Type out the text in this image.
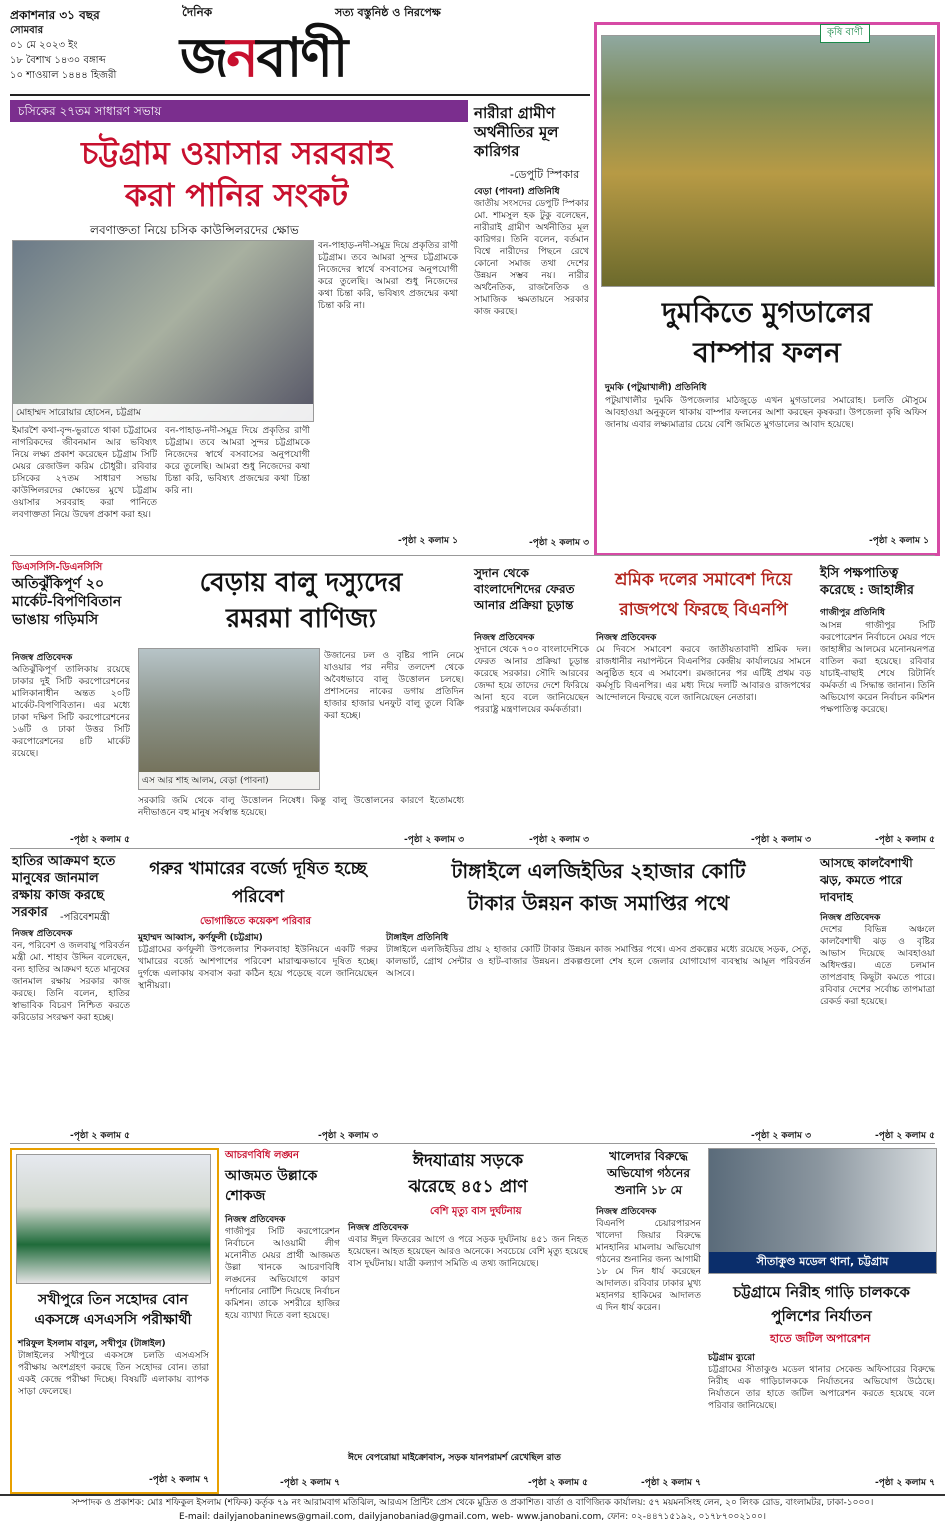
প্রকাশনার ৩১ বছর
সোমবার
০১ মে ২০২৩ ইং
১৮ বৈশাখ ১৪৩০ বঙ্গাব্দ
১০ শাওয়াল ১৪৪৪ হিজরী
দৈনিক	সত্য বস্তুনিষ্ঠ ও নিরপেক্ষ
জনবাণী
দুমকিতে মুগডালের
বাম্পার ফলন
দুমকি (পটুয়াখালী) প্রতিনিধি
পটুয়াখালীর দুমকি উপজেলার মাঠজুড়ে এখন মুগডালের সমারোহ। চলতি মৌসুমে আবহাওয়া অনুকূলে থাকায় বাম্পার ফলনের আশা করছেন কৃষকরা। উপজেলা কৃষি অফিস জানায় এবার লক্ষ্যমাত্রার চেয়ে বেশি জমিতে মুগডালের আবাদ হয়েছে।
-পৃষ্ঠা ২ কলাম ১
কৃষি বাণী
চসিকের ২৭তম সাধারণ সভায়
চট্টগ্রাম ওয়াসার সরবরাহ
করা পানির সংকট
লবণাক্ততা নিয়ে চসিক কাউন্সিলরদের ক্ষোভ
মোহাম্মদ সারোয়ার হোসেন, চট্টগ্রাম
ইমারশৈ কথা-বৃন্দ-ভুরাতে থাকা চট্টগ্রামের নাগরিকদের জীবনমান আর ভবিষ্যৎ নিয়ে লক্ষ্য প্রকাশ করেছেন চট্টগ্রাম সিটি মেয়র রেজাউল করিম চৌধুরী। রবিবার চসিকের ২৭তম সাধারণ সভায় কাউন্সিলরদের ক্ষোভের মুখে চট্টগ্রাম ওয়াসার সরবরাহ করা পানিতে লবণাক্ততা নিয়ে উদ্বেগ প্রকাশ করা হয়।
বন-পাহাড়-নদী-সমুদ্র দিয়ে প্রকৃতির রাণী চট্টগ্রাম। তবে আমরা সুন্দর চট্টগ্রামকে নিজেদের স্বার্থে বসবাসের অনুপযোগী করে তুলেছি। আমরা শুধু নিজেদের কথা চিন্তা করি, ভবিষ্যৎ প্রজন্মের কথা চিন্তা করি না।
বন-পাহাড়-নদী-সমুদ্র দিয়ে প্রকৃতির রাণী চট্টগ্রাম। তবে আমরা সুন্দর চট্টগ্রামকে নিজেদের স্বার্থে বসবাসের অনুপযোগী করে তুলেছি। আমরা শুধু নিজেদের কথা চিন্তা করি, ভবিষ্যৎ প্রজন্মের কথা চিন্তা করি না।
-পৃষ্ঠা ২ কলাম ১
নারীরা গ্রামীণ অর্থনীতির মূল কারিগর
-ডেপুটি স্পিকার
বেড়া (পাবনা) প্রতিনিধি
জাতীয় সংসদের ডেপুটি স্পিকার মো. শামসুল হক টুকু বলেছেন, নারীরাই গ্রামীণ অর্থনীতির মূল কারিগর। তিনি বলেন, বর্তমান বিশ্বে নারীদের পিছনে রেখে কোনো সমাজ তথা দেশের উন্নয়ন সম্ভব নয়। নারীর অর্থনৈতিক, রাজনৈতিক ও সামাজিক ক্ষমতায়নে সরকার কাজ করছে।
-পৃষ্ঠা ২ কলাম ৩
ডিএসসিসি-ডিএনসিসি
অতিঝুঁকিপূর্ণ ২০ মার্কেট-বিপণিবিতান ভাঙায় গড়িমসি
নিজস্ব প্রতিবেদক
অতিঝুঁকিপূর্ণ তালিকায় রয়েছে ঢাকার দুই সিটি করপোরেশনের মালিকানাধীন অন্তত ২০টি মার্কেট-বিপণিবিতান। এর মধ্যে ঢাকা দক্ষিণ সিটি করপোরেশনের ১৬টি ও ঢাকা উত্তর সিটি করপোরেশনের ৪টি মার্কেট রয়েছে।
-পৃষ্ঠা ২ কলাম ৫
বেড়ায় বালু দস্যুদের
রমরমা বাণিজ্য
এস আর শাহ আলম, বেড়া (পাবনা)
উজানের ঢল ও বৃষ্টির পানি নেমে যাওয়ার পর নদীর তলদেশ থেকে অবৈধভাবে বালু উত্তোলন চলছে। প্রশাসনের নাকের ডগায় প্রতিদিন হাজার হাজার ঘনফুট বালু তুলে বিক্রি করা হচ্ছে।
সরকারি জমি থেকে বালু উত্তোলন নিষেধ। কিন্তু বালু উত্তোলনের কারণে ইতোমধ্যে নদীভাঙনে বহু মানুষ সর্বস্বান্ত হয়েছে।
-পৃষ্ঠা ২ কলাম ৩
সুদান থেকে বাংলাদেশিদের ফেরত আনার প্রক্রিয়া চূড়ান্ত
নিজস্ব প্রতিবেদক
সুদানে থেকে ৭০০ বাংলাদেশিকে ফেরত আনার প্রক্রিয়া চূড়ান্ত করেছে সরকার। সৌদি আরবের জেদ্দা হয়ে তাদের দেশে ফিরিয়ে আনা হবে বলে জানিয়েছেন পররাষ্ট্র মন্ত্রণালয়ের কর্মকর্তারা।
-পৃষ্ঠা ২ কলাম ৩
শ্রমিক দলের সমাবেশ দিয়ে
রাজপথে ফিরছে বিএনপি
নিজস্ব প্রতিবেদক
মে দিবসে সমাবেশ করবে জাতীয়তাবাদী শ্রমিক দল। রাজধানীর নয়াপল্টনে বিএনপির কেন্দ্রীয় কার্যালয়ের সামনে অনুষ্ঠিত হবে এ সমাবেশ। রমজানের পর এটিই প্রথম বড় কর্মসূচি বিএনপির। এর মধ্য দিয়ে দলটি আবারও রাজপথের আন্দোলনে ফিরছে বলে জানিয়েছেন নেতারা।
-পৃষ্ঠা ২ কলাম ৩
ইসি পক্ষপাতিত্ব করেছে : জাহাঙ্গীর
গাজীপুর প্রতিনিধি
আসন্ন গাজীপুর সিটি করপোরেশন নির্বাচনে মেয়র পদে জাহাঙ্গীর আলমের মনোনয়নপত্র বাতিল করা হয়েছে। রবিবার যাচাই-বাছাই শেষে রিটার্নিং কর্মকর্তা এ সিদ্ধান্ত জানান। তিনি অভিযোগ করেন নির্বাচন কমিশন পক্ষপাতিত্ব করেছে।
-পৃষ্ঠা ২ কলাম ৫
হাতির আক্রমণ হতে মানুষের জানমাল রক্ষায় কাজ করছে সরকার	-পরিবেশমন্ত্রী
নিজস্ব প্রতিবেদক
বন, পরিবেশ ও জলবায়ু পরিবর্তন মন্ত্রী মো. শাহাব উদ্দিন বলেছেন, বন্য হাতির আক্রমণ হতে মানুষের জানমাল রক্ষায় সরকার কাজ করছে। তিনি বলেন, হাতির স্বাভাবিক বিচরণ নিশ্চিত করতে করিডোর সংরক্ষণ করা হচ্ছে।
-পৃষ্ঠা ২ কলাম ৫
গরুর খামারের বর্জ্যে দূষিত হচ্ছে পরিবেশ
ভোগান্তিতে কয়েকশ পরিবার
মুহাম্মদ আব্বাস, কর্ণফুলী (চট্টগ্রাম)
চট্টগ্রামের কর্ণফুলী উপজেলার শিকলবাহা ইউনিয়নে একটি গরুর খামারের বর্জ্যে আশপাশের পরিবেশ মারাত্মকভাবে দূষিত হচ্ছে। দুর্গন্ধে এলাকায় বসবাস করা কঠিন হয়ে পড়েছে বলে জানিয়েছেন স্থানীয়রা।
-পৃষ্ঠা ২ কলাম ৩
টাঙ্গাইলে এলজিইডির ২হাজার কোটি
টাকার উন্নয়ন কাজ সমাপ্তির পথে
টাঙ্গাইল প্রতিনিধি
টাঙ্গাইলে এলজিইডির প্রায় ২ হাজার কোটি টাকার উন্নয়ন কাজ সমাপ্তির পথে। এসব প্রকল্পের মধ্যে রয়েছে সড়ক, সেতু, কালভার্ট, গ্রোথ সেন্টার ও হাট-বাজার উন্নয়ন। প্রকল্পগুলো শেষ হলে জেলার যোগাযোগ ব্যবস্থায় আমূল পরিবর্তন আসবে।
-পৃষ্ঠা ২ কলাম ৩
আসছে কালবৈশাখী ঝড়, কমতে পারে দাবদাহ
নিজস্ব প্রতিবেদক
দেশের বিভিন্ন অঞ্চলে কালবৈশাখী ঝড় ও বৃষ্টির আভাস দিয়েছে আবহাওয়া অধিদপ্তর। এতে চলমান তাপপ্রবাহ কিছুটা কমতে পারে। রবিবার দেশের সর্বোচ্চ তাপমাত্রা রেকর্ড করা হয়েছে।
-পৃষ্ঠা ২ কলাম ৫
সখীপুরে তিন সহোদর বোন একসঙ্গে এসএসসি পরীক্ষার্থী
শরিফুল ইসলাম বাবুল, সখীপুর (টাঙ্গাইল)
টাঙ্গাইলের সখীপুরে একসঙ্গে চলতি এসএসসি পরীক্ষায় অংশগ্রহণ করছে তিন সহোদর বোন। তারা একই কেন্দ্রে পরীক্ষা দিচ্ছে। বিষয়টি এলাকায় ব্যাপক সাড়া ফেলেছে।
-পৃষ্ঠা ২ কলাম ৭
আচরণবিধি লঙ্ঘন
আজমত উল্লাকে শোকজ
নিজস্ব প্রতিবেদক
গাজীপুর সিটি করপোরেশন নির্বাচনে আওয়ামী লীগ মনোনীত মেয়র প্রার্থী আজমত উল্লা খানকে আচরণবিধি লঙ্ঘনের অভিযোগে কারণ দর্শানোর নোটিশ দিয়েছে নির্বাচন কমিশন। তাকে সশরীরে হাজির হয়ে ব্যাখ্যা দিতে বলা হয়েছে।
-পৃষ্ঠা ২ কলাম ৭
ঈদযাত্রায় সড়কে
ঝরেছে ৪৫১ প্রাণ
বেশি মৃত্যু বাস দুর্ঘটনায়
নিজস্ব প্রতিবেদক
এবার ঈদুল ফিতরের আগে ও পরে সড়ক দুর্ঘটনায় ৪৫১ জন নিহত হয়েছেন। আহত হয়েছেন আরও অনেকে। সবচেয়ে বেশি মৃত্যু হয়েছে বাস দুর্ঘটনায়। যাত্রী কল্যাণ সমিতি এ তথ্য জানিয়েছে।
ঈদে বেপরোয়া মাইক্রোবাস, সড়ক যানপরামর্শ রেখেছিল রাত
-পৃষ্ঠা ২ কলাম ৫
খালেদার বিরুদ্ধে অভিযোগ গঠনের শুনানি ১৮ মে
নিজস্ব প্রতিবেদক
বিএনপি চেয়ারপারসন খালেদা জিয়ার বিরুদ্ধে মানহানির মামলায় অভিযোগ গঠনের শুনানির জন্য আগামী ১৮ মে দিন ধার্য করেছেন আদালত। রবিবার ঢাকার মুখ্য মহানগর হাকিমের আদালত এ দিন ধার্য করেন।
-পৃষ্ঠা ২ কলাম ৭
সীতাকুণ্ড মডেল থানা, চট্টগ্রাম
চট্টগ্রামে নিরীহ গাড়ি চালককে
পুলিশের নির্যাতন
হাতে জটিল অপারেশন
চট্টগ্রাম ব্যুরো
চট্টগ্রামের সীতাকুণ্ড মডেল থানার সেকেন্ড অফিসারের বিরুদ্ধে নিরীহ এক গাড়িচালককে নির্যাতনের অভিযোগ উঠেছে। নির্যাতনে তার হাতে জটিল অপারেশন করতে হয়েছে বলে পরিবার জানিয়েছে।
-পৃষ্ঠা ২ কলাম ৭
সম্পাদক ও প্রকাশক: মোঃ শফিকুল ইসলাম (শফিক) কর্তৃক ৭৯ নং আরামবাগ মতিঝিল, আরএস প্রিন্টিং প্রেস থেকে মুদ্রিত ও প্রকাশিত। বার্তা ও বাণিজ্যিক কার্যালয়: ৫৭ ময়মনসিংহ লেন, ২০ লিংক রোড, বাংলামটর, ঢাকা-১০০০।
E-mail: dailyjanobaninews@gmail.com, dailyjanobaniad@gmail.com, web- www.janobani.com, ফোন: ০২-৪৪৭১৫১৯২, ০১৭৮৭০০২১০০।
